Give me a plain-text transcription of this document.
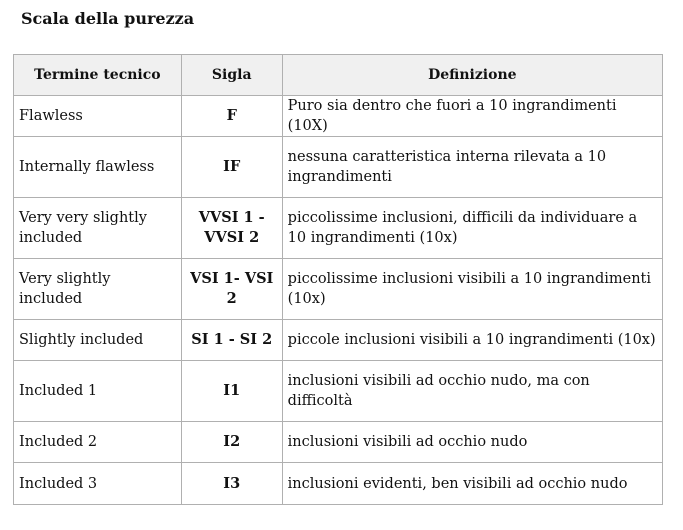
Scala della purezza
Termine tecnico	Sigla	Definizione
Flawless	F	Puro sia dentro che fuori a 10 ingrandimenti (10X)
Internally flawless	IF	nessuna caratteristica interna rilevata a 10 ingrandimenti
Very very slightly included	VVSI 1 - VVSI 2	piccolissime inclusioni, difficili da individuare a 10 ingrandimenti (10x)
Very slightly included	VSI 1- VSI 2	piccolissime inclusioni visibili a 10 ingrandimenti (10x)
Slightly included	SI 1 - SI 2	piccole inclusioni visibili a 10 ingrandimenti (10x)
Included 1	I1	inclusioni visibili ad occhio nudo, ma con difficoltà
Included 2	I2	inclusioni visibili ad occhio nudo
Included 3	I3	inclusioni evidenti, ben visibili ad occhio nudo
